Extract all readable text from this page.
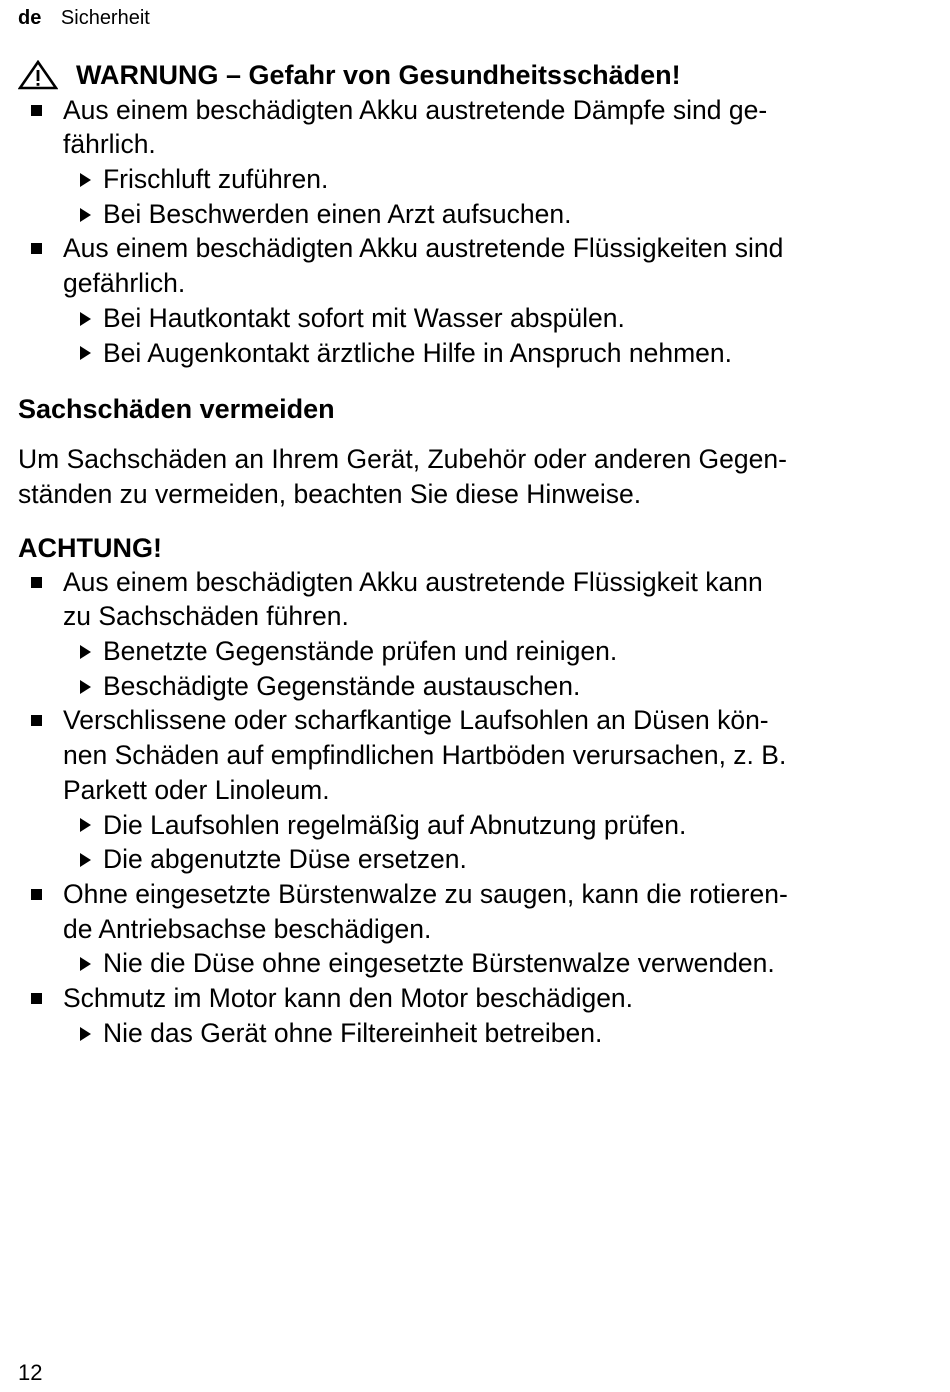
de Sicherheit
WARNUNG – Gefahr von Gesundheitsschäden!
Aus einem beschädigten Akku austretende Dämpfe sind ge-
fährlich.
Frischluft zuführen.
Bei Beschwerden einen Arzt aufsuchen.
Aus einem beschädigten Akku austretende Flüssigkeiten sind
gefährlich.
Bei Hautkontakt sofort mit Wasser abspülen.
Bei Augenkontakt ärztliche Hilfe in Anspruch nehmen.
Sachschäden vermeiden
Um Sachschäden an Ihrem Gerät, Zubehör oder anderen Gegen-
ständen zu vermeiden, beachten Sie diese Hinweise.
ACHTUNG!
Aus einem beschädigten Akku austretende Flüssigkeit kann
zu Sachschäden führen.
Benetzte Gegenstände prüfen und reinigen.
Beschädigte Gegenstände austauschen.
Verschlissene oder scharfkantige Laufsohlen an Düsen kön-
nen Schäden auf empfindlichen Hartböden verursachen, z. B.
Parkett oder Linoleum.
Die Laufsohlen regelmäßig auf Abnutzung prüfen.
Die abgenutzte Düse ersetzen.
Ohne eingesetzte Bürstenwalze zu saugen, kann die rotieren-
de Antriebsachse beschädigen.
Nie die Düse ohne eingesetzte Bürstenwalze verwenden.
Schmutz im Motor kann den Motor beschädigen.
Nie das Gerät ohne Filtereinheit betreiben.
12
